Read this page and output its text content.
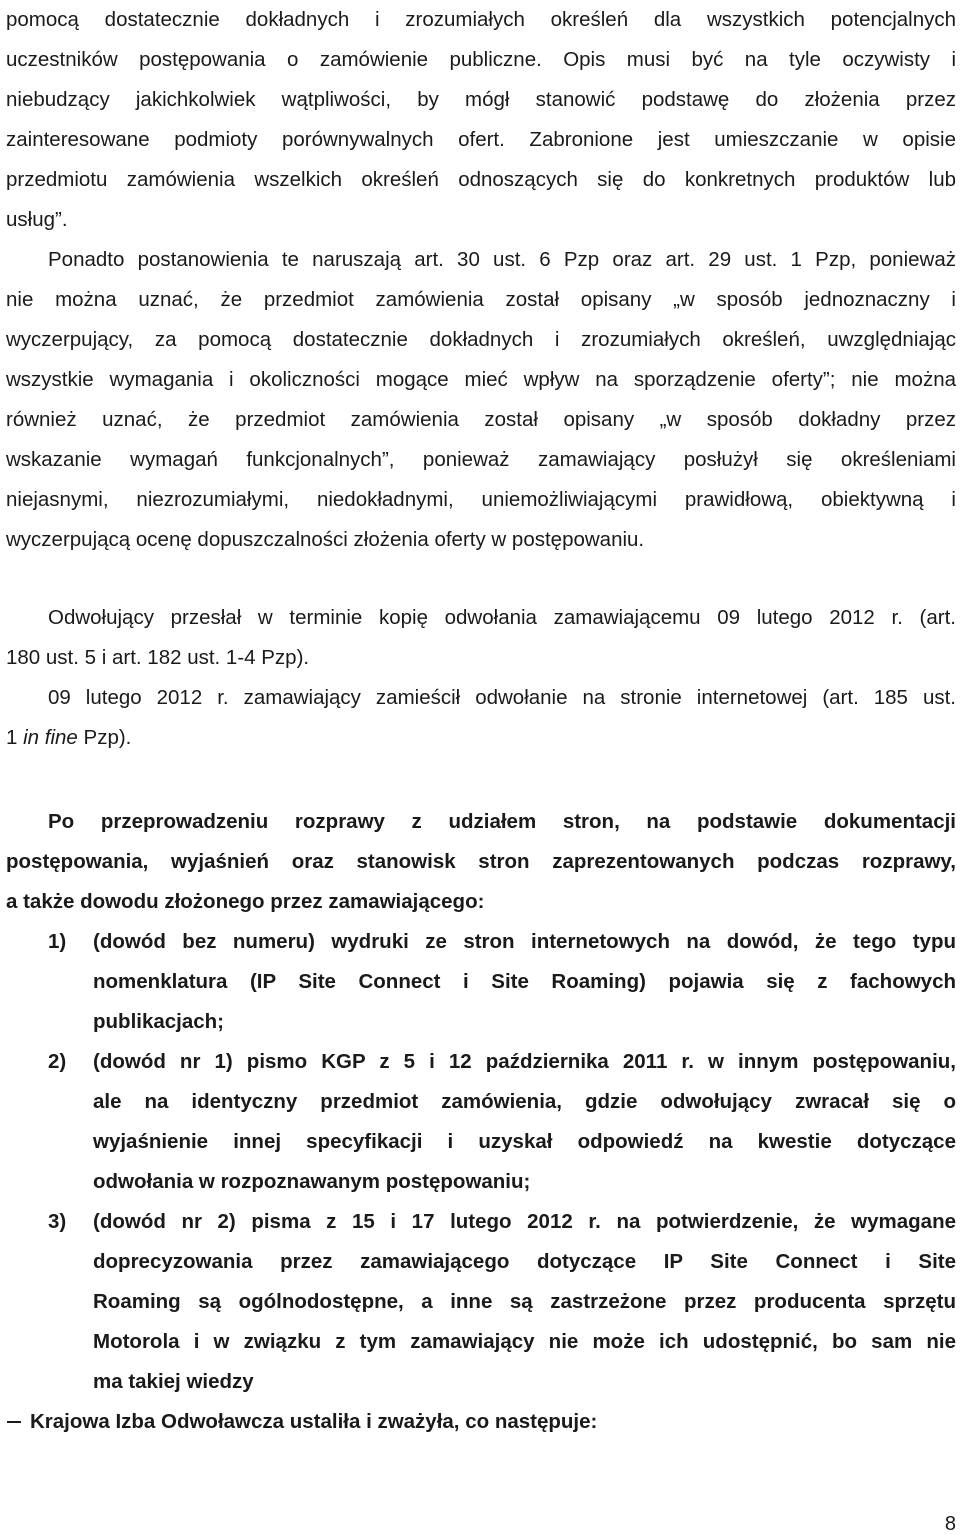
pomocą dostatecznie dokładnych i zrozumiałych określeń dla wszystkich potencjalnych
uczestników postępowania o zamówienie publiczne. Opis musi być na tyle oczywisty i
niebudzący jakichkolwiek wątpliwości, by mógł stanowić podstawę do złożenia przez
zainteresowane podmioty porównywalnych ofert. Zabronione jest umieszczanie w opisie
przedmiotu zamówienia wszelkich określeń odnoszących się do konkretnych produktów lub
usług”.
Ponadto postanowienia te naruszają art. 30 ust. 6 Pzp oraz art. 29 ust. 1 Pzp, ponieważ
nie można uznać, że przedmiot zamówienia został opisany „w sposób jednoznaczny i
wyczerpujący, za pomocą dostatecznie dokładnych i zrozumiałych określeń, uwzględniając
wszystkie wymagania i okoliczności mogące mieć wpływ na sporządzenie oferty”; nie można
również uznać, że przedmiot zamówienia został opisany „w sposób dokładny przez
wskazanie wymagań funkcjonalnych”, ponieważ zamawiający posłużył się określeniami
niejasnymi, niezrozumiałymi, niedokładnymi, uniemożliwiającymi prawidłową, obiektywną i
wyczerpującą ocenę dopuszczalności złożenia oferty w postępowaniu.
Odwołujący przesłał w terminie kopię odwołania zamawiającemu 09 lutego 2012 r. (art.
180 ust. 5 i art. 182 ust. 1-4 Pzp).
09 lutego 2012 r. zamawiający zamieścił odwołanie na stronie internetowej (art. 185 ust.
1 in fine Pzp).
Po przeprowadzeniu rozprawy z udziałem stron, na podstawie dokumentacji
postępowania, wyjaśnień oraz stanowisk stron zaprezentowanych podczas rozprawy,
a także dowodu złożonego przez zamawiającego:
1) (dowód bez numeru) wydruki ze stron internetowych na dowód, że tego typu
nomenklatura (IP Site Connect i Site Roaming) pojawia się z fachowych
publikacjach;
2) (dowód nr 1) pismo KGP z 5 i 12 października 2011 r. w innym postępowaniu,
ale na identyczny przedmiot zamówienia, gdzie odwołujący zwracał się o
wyjaśnienie innej specyfikacji i uzyskał odpowiedź na kwestie dotyczące
odwołania w rozpoznawanym postępowaniu;
3) (dowód nr 2) pisma z 15 i 17 lutego 2012 r. na potwierdzenie, że wymagane
doprecyzowania przez zamawiającego dotyczące IP Site Connect i Site
Roaming są ogólnodostępne, a inne są zastrzeżone przez producenta sprzętu
Motorola i w związku z tym zamawiający nie może ich udostępnić, bo sam nie
ma takiej wiedzy
Krajowa Izba Odwoławcza ustaliła i zważyła, co następuje:
8
